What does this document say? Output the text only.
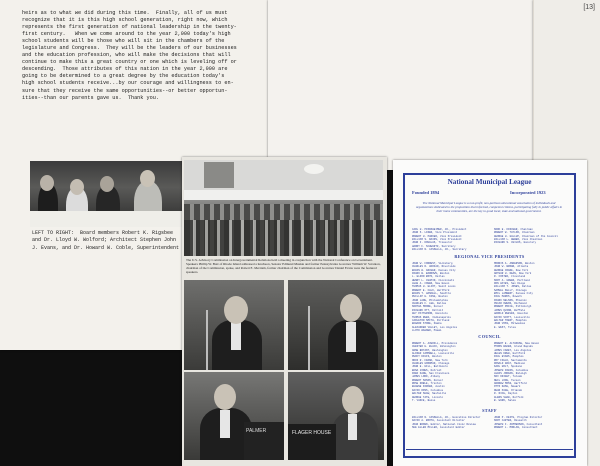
heirs as to what we did during this time.  Finally, all of us must
recognize that it is this high school generation, right now, which
represents the first generation of national leadership in the twenty-
first century.   When we come around to the year 2,000 today's high
school students will be those who will sit in the chambers of the
legislature and Congress.  They will be the leaders of our businesses
and the education profession, who will make the decisions that will
continue to make this a great country or one which is leveling off or
descending.  Those attributes of this nation in the year 2,000 are
going to be determined to a great degree by the education today's
high school students receive...by our courage and willingness to en-
sure that they receive the same opportunities--or better opportun-
ities--than our parents gave us.  Thank you.
[13]
LEFT TO RIGHT:  Board members Robert K. Rigsbee
and Dr. Lloyd W. Wolford; Architect Stephen John
J. Evans, and Dr. Howard W. Coble, Superintendent

The U.S. Advisory Commission on Intergovernmental Relations held a meeting in conjunction with the National Conference on Government. Speakers Phillip W. Burr of Rhode Island addressed a luncheon, Senator Edmund Muskie and former Pennsylvania Governor William W. Scranton, chairman of the Commission, spoke, and Robert E. Merriam, former chairman of the Commission and Governor Daniel Evans were the featured speakers.

PALMER	FLAGER HOUSE

National Municipal League

Founded 1894	Incorporated 1923

The National Municipal League is a non-profit, non-partisan educational association of individuals and organizations dedicated to the proposition that informed, competent citizens, participating fully in public affairs in their home communities, are the key to good local, state and national government.

CARL H. PFORZHEIMER, JR., President
JOHN S. LINEN, Vice President
ROBERT H. PARKER, Vice President
WILLIAM S. RAINS, Vice President
JOHN F. DOUGLAS, Treasurer
HARRY F. SCHWARTZ, Secretary
WILLIAM N. CASSELLA, JR., Secretary
MARK E. KIRCHER, Chairman
ROBERT W. TAYLOR, Chairman
GEORGE H. GALLUP, Chairman of the Council
WILLIAM L. WEBER, Vice Chairman
RICHARD S. CHILDS, Honorary
REGIONAL VICE PRESIDENTS
JOHN W. FORREST, Vicksburg
CHARLES R. ADRIAN, Riverside
EDWIN W. ARCHER, Kansas City
FRANK B. BARROWS, Boston
L. ELDON BOYD, Dallas
HENRY L. CHAPIN, Cincinnati
LEAH A. COHEN, New Haven
THOMAS H. ELIOT, Saint Louis
ROBERT E. FALK, Hartford
EDWIN T. HASKELL, Seattle
PHILLIP H. KING, Boston
JOHN LANE, Philadelphia
CHARLES F. LEE, Dallas
MARTHA MOORE, Denver
RICHARD OTT, Detroit
GUY PATTERSON, Honolulu
THOMAS REED, Indianapolis
CARLETON SMITH, Portland
EDWARD STONE, Omaha
ALEXANDER VALLEY, Los Angeles
LLOYD WAGNER, Miami
MORRIS A. ANDERSON, Boston
JOHN W. BROWN, Atlanta
GEORGE CRANE, New York
ARTHUR H. DEAN, New York
R. FOSTER, Cleveland
MARY A. GREEN, Portland
DON HAYES, San Diego
WILLIAM T. JONES, Dallas
SAMUEL KELLY, Chicago
EMIL LAMBERT, Kansas City
PAUL MARKS, Newark
FRANK NELSON, Phoenix
OSCAR OWENS, Richmond
ROBERT PRICE, Pittsburgh
JAMES QUINN, Buffalo
HAROLD REEVES, Houston
DAVID SCOTT, Louisville
WALTER TRENT, Memphis
JOHN VOSS, Milwaukee
E. WEST, Tulsa
COUNCIL
ROBERT A. AVERILL, Providence
CHESTER H. BLACK, Wilmington
ANNE BRYANT, Washington
ALFRED CAMPBELL, Louisville
PERCY DAVIS, Boston
ORIN R. FRANK, New York
CHARLES GOODMAN, Chicago
JOHN E. HILL, Baltimore
EDNA JONES, Detroit
FRED KANE, San Francisco
JAMES LORD, Albany
ROBERT MASON, Denver
ROSE NOBLE, Trenton
EUGENE PARKER, Austin
DAVID ROSS, Columbus
WALTER SHAW, Nashville
GEORGE TATE, Lincoln
T. VANCE, Boise
ROBERT E. ALTHOUSE, New Haven
MYRON BAKER, Grand Rapids
JAMES CAREY, Los Angeles
HELEN DREW, Hartford
PAUL EVANS, Memphis
ROY FIELD, Sacramento
DONALD GRAY, Madison
KARL HOLT, Spokane
JOSEPH IRWIN, Columbus
LEWIS JORDAN, Raleigh
MAX KNIGHT, Toledo
NEIL LONG, Tucson
ANDREW MOSS, Hartford
OTTO NASH, Newark
DEAN PAGE, Orlando
R. RICE, Dayton
GLENN SHAW, Norfolk
B. WARD, Salem
STAFF
WILLIAM N. CASSELLA, JR., Executive Director
DAVID A. BOOTH, Assistant Director
JOAN BROWN, Editor, National Civic Review
SUE ELLEN MILLER, Assistant Editor
JOHN P. KEITH, Program Director
MARY CARTER, Research
JOSEPH F. ZIMMERMAN, Consultant
ROBERT L. MORLAN, Consultant
